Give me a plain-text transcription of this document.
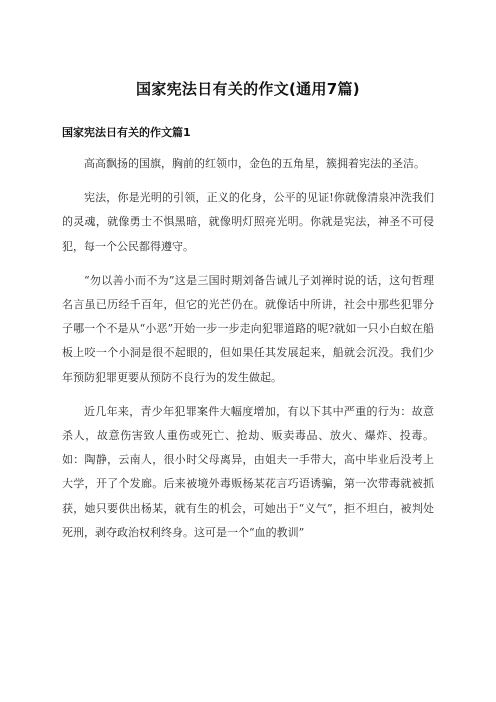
国家宪法日有关的作文(通用7篇)
国家宪法日有关的作文篇1

高高飘扬的国旗，胸前的红领巾，金色的五角星，簇拥着宪法的圣洁。

宪法，你是光明的引领，正义的化身，公平的见证!你就像清泉冲洗我们的灵魂，就像勇士不惧黑暗，就像明灯照亮光明。你就是宪法，神圣不可侵犯，每一个公民都得遵守。

“勿以善小而不为”这是三国时期刘备告诫儿子刘禅时说的话，这句哲理名言虽已历经千百年，但它的光芒仍在。就像话中所讲，社会中那些犯罪分子哪一个不是从“小恶”开始一步一步走向犯罪道路的呢?就如一只小白蚁在船板上咬一个小洞是很不起眼的，但如果任其发展起来，船就会沉没。我们少年预防犯罪更要从预防不良行为的发生做起。

近几年来，青少年犯罪案件大幅度增加，有以下其中严重的行为：故意杀人，故意伤害致人重伤或死亡、抢劫、贩卖毒品、放火、爆炸、投毒。如：陶静，云南人，很小时父母离异，由姐夫一手带大，高中毕业后没考上大学，开了个发廊。后来被境外毒贩杨某花言巧语诱骗，第一次带毒就被抓获，她只要供出杨某，就有生的机会，可她出于“义气”，拒不坦白，被判处死刑，剥夺政治权利终身。这可是一个“血的教训”
